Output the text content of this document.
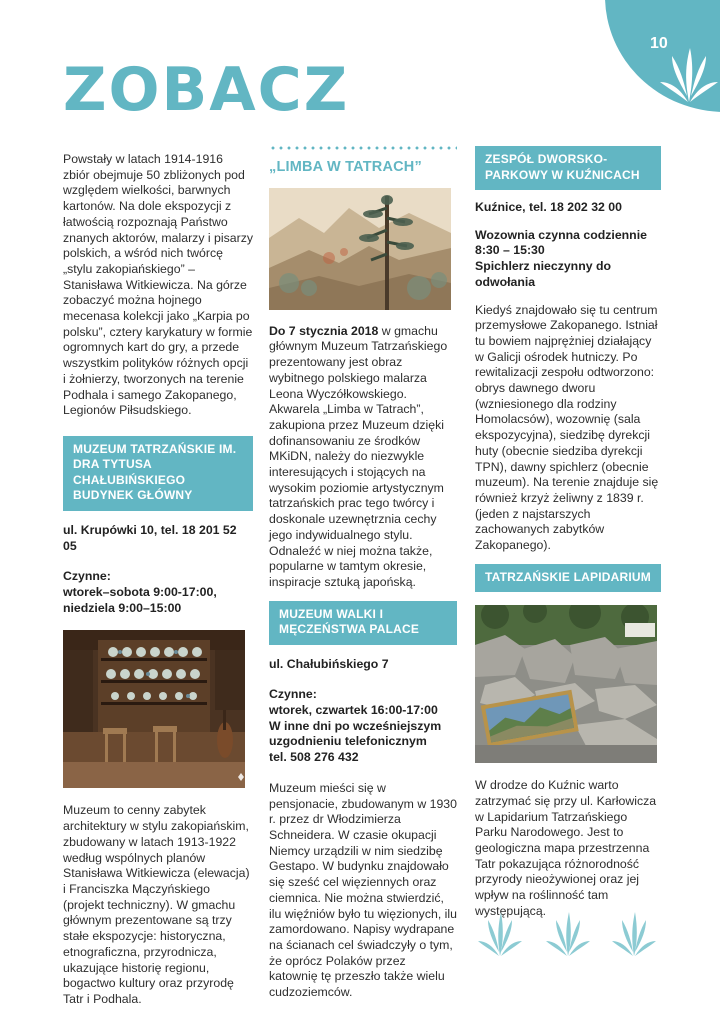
10
ZOBACZ

Powstały w latach 1914-1916 zbiór obejmuje 50 zbliżonych pod względem wielkości, barwnych kartonów. Na dole ekspozycji z łatwością rozpoznają Państwo znanych aktorów, malarzy i pisarzy polskich, a wśród nich twórcę „stylu zakopiańskiego” – Stanisława Witkiewicza. Na górze zobaczyć można hojnego mecenasa kolekcji jako „Karpia po polsku”, cztery karykatury w formie ogromnych kart do gry, a przede wszystkim polityków różnych opcji i żołnierzy, tworzonych na terenie Podhala i samego Zakopanego, Legionów Piłsudskiego.

MUZEUM TATRZAŃSKIE IM. DRA TYTUSA CHAŁUBIŃSKIEGO BUDYNEK GŁÓWNY

ul. Krupówki 10, tel. 18 201 52 05

Czynne:

wtorek–sobota 9:00-17:00,

niedziela 9:00–15:00

Muzeum to cenny zabytek architektury w stylu zakopiańskim, zbudowany w latach 1913-1922 według wspólnych planów Stanisława Witkiewicza (elewacja) i Franciszka Mączyńskiego (projekt techniczny). W gmachu głównym prezentowane są trzy stałe ekspozycje: historyczna, etnograficzna, przyrodnicza, ukazujące historię regionu, bogactwo kultury oraz przyrodę Tatr i Podhala.

„LIMBA W TATRACH”

Do 7 stycznia 2018 w gmachu głównym Muzeum Tatrzańskiego prezentowany jest obraz wybitnego polskiego malarza Leona Wyczółkowskiego. Akwarela „Limba w Tatrach”, zakupiona przez Muzeum dzięki dofinansowaniu ze środków MKiDN, należy do niezwykle interesujących i stojących na wysokim poziomie artystycznym tatrzańskich prac tego twórcy i doskonale uzewnętrznia cechy jego indywidualnego stylu. Odnaleźć w niej można także, popularne w tamtym okresie, inspiracje sztuką japońską.

MUZEUM WALKI I MĘCZEŃSTWA PALACE

ul. Chałubińskiego 7

Czynne:

wtorek, czwartek 16:00-17:00

W inne dni po wcześniejszym uzgodnieniu telefonicznym

tel. 508 276 432

Muzeum mieści się w pensjonacie, zbudowanym w 1930 r. przez dr Włodzimierza Schneidera. W czasie okupacji Niemcy urządzili w nim siedzibę Gestapo. W budynku znajdowało się sześć cel więziennych oraz ciemnica. Nie można stwierdzić, ilu więźniów było tu więzionych, ilu zamordowano. Napisy wydrapane na ścianach cel świadczyły o tym, że oprócz Polaków przez katownię tę przeszło także wielu cudzoziemców.

ZESPÓŁ DWORSKO-PARKOWY W KUŹNICACH

Kuźnice, tel. 18 202 32 00

Wozownia czynna codziennie

8:30 – 15:30

Spichlerz nieczynny do odwołania

Kiedyś znajdowało się tu centrum przemysłowe Zakopanego. Istniał tu bowiem najprężniej działający w Galicji ośrodek hutniczy. Po rewitalizacji zespołu odtworzono: obrys dawnego dworu (wzniesionego dla rodziny Homolacsów), wozownię (sala ekspozycyjna), siedzibę dyrekcji huty (obecnie siedziba dyrekcji TPN), dawny spichlerz (obecnie muzeum). Na terenie znajduje się również krzyż żeliwny z 1839 r. (jeden z najstarszych zachowanych zabytków Zakopanego).

TATRZAŃSKIE LAPIDARIUM

W drodze do Kuźnic warto zatrzymać się przy ul. Karłowicza w Lapidarium Tatrzańskiego Parku Narodowego. Jest to geologiczna mapa przestrzenna Tatr pokazująca różnorodność przyrody nieożywionej oraz jej wpływ na roślinność tam występującą.
